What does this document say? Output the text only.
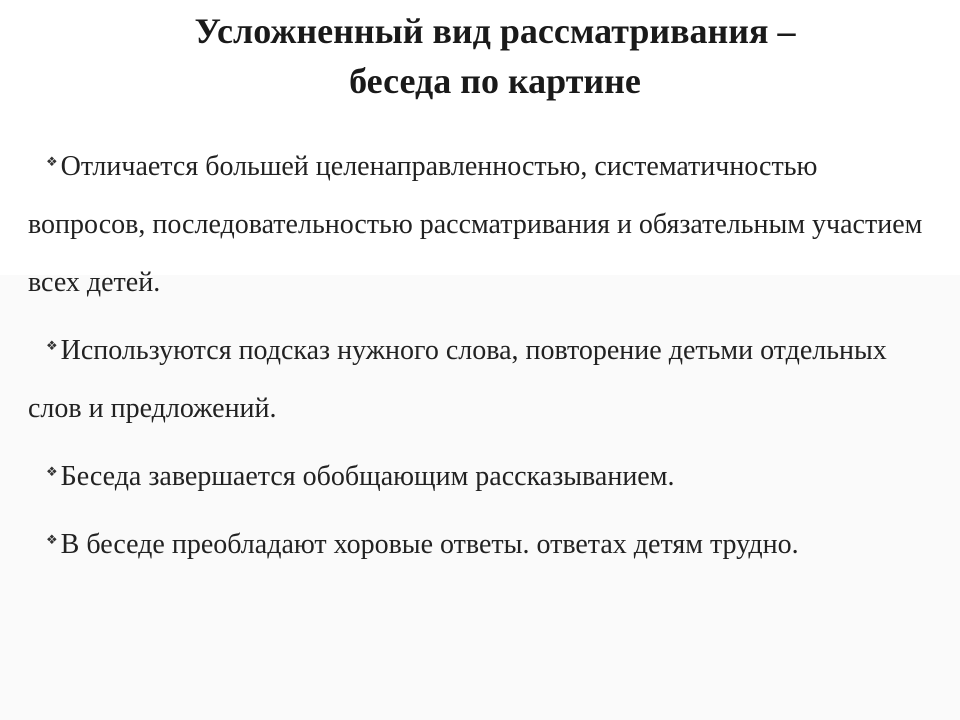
Усложненный вид рассматривания –
беседа по картине
❖ Отличается большей целенаправленностью, систематичностью вопросов, последовательностью рассматривания и обязательным участием всех детей.
❖ Используются подсказ нужного слова, повторение детьми отдельных слов и предложений.
❖ Беседа завершается обобщающим рассказыванием.
❖ В беседе преобладают хоровые ответы. ответах детям трудно.
